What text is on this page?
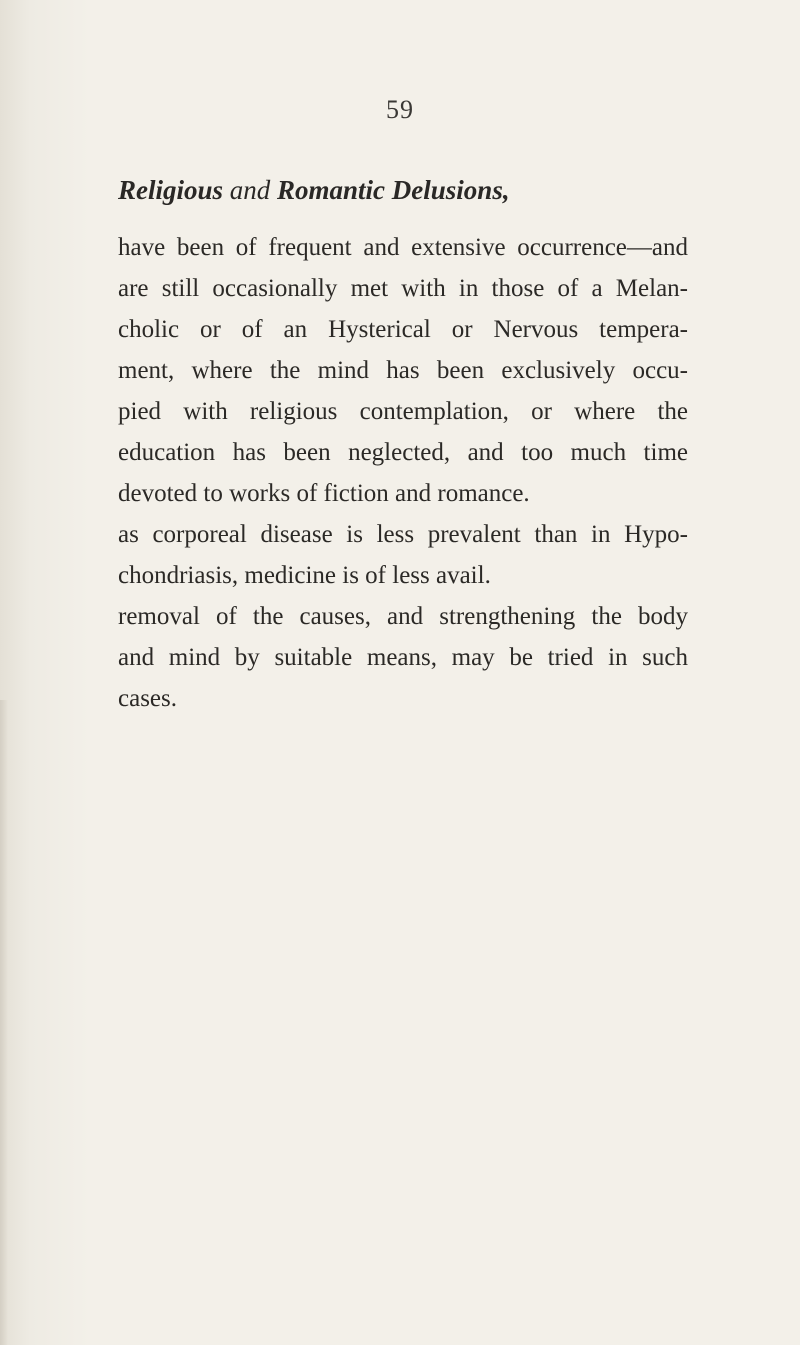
59
Religious and Romantic Delusions,
have been of frequent and extensive occurrence—and
are still occasionally met with in those of a Melan-
cholic or of an Hysterical or Nervous tempera-
ment, where the mind has been exclusively occu-
pied with religious contemplation, or where the
education has been neglected, and too much time
devoted to works of fiction and romance.
as corporeal disease is less prevalent than in Hypo-
chondriasis, medicine is of less avail.
removal of the causes, and strengthening the body
and mind by suitable means, may be tried in such
cases.
